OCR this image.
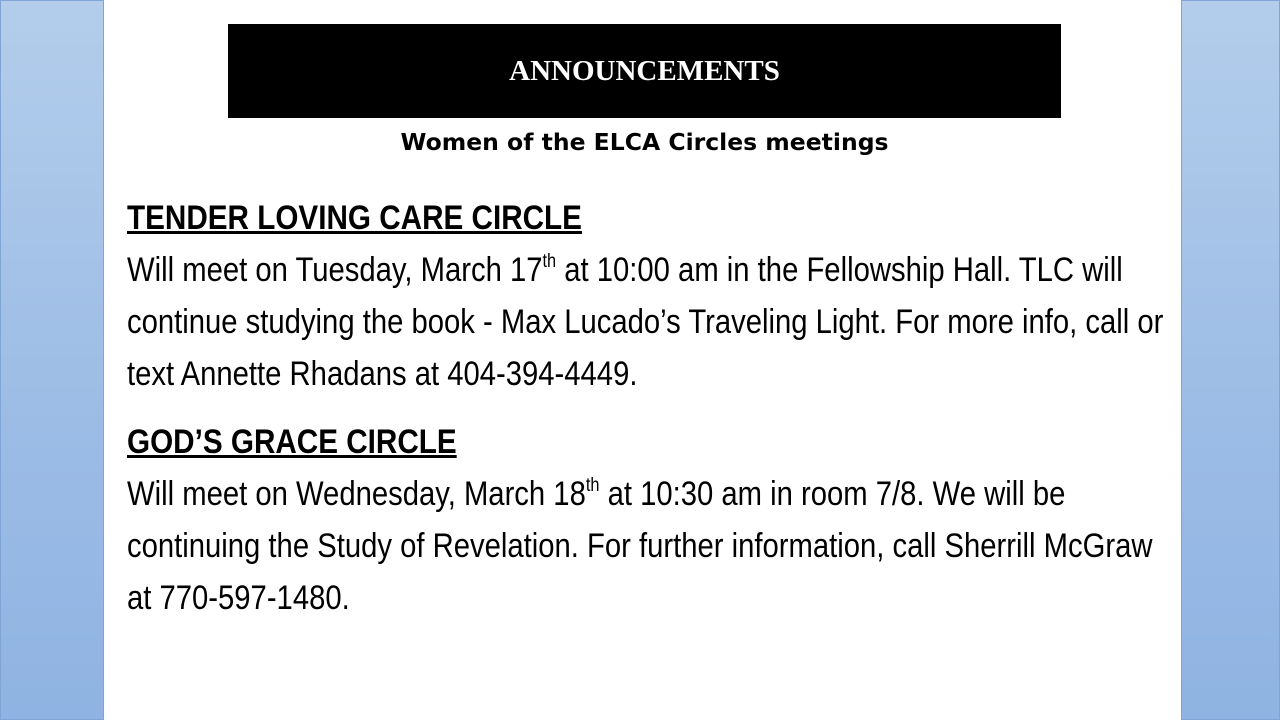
ANNOUNCEMENTS
Women of the ELCA Circles meetings
TENDER LOVING CARE CIRCLE

Will meet on Tuesday, March 17th at 10:00 am in the Fellowship Hall. TLC will continue studying the book - Max Lucado’s Traveling Light. For more info, call or text Annette Rhadans at 404-394-4449.

GOD’S GRACE CIRCLE

Will meet on Wednesday, March 18th at 10:30 am in room 7/8. We will be continuing the Study of Revelation. For further information, call Sherrill McGraw at 770-597-1480.
